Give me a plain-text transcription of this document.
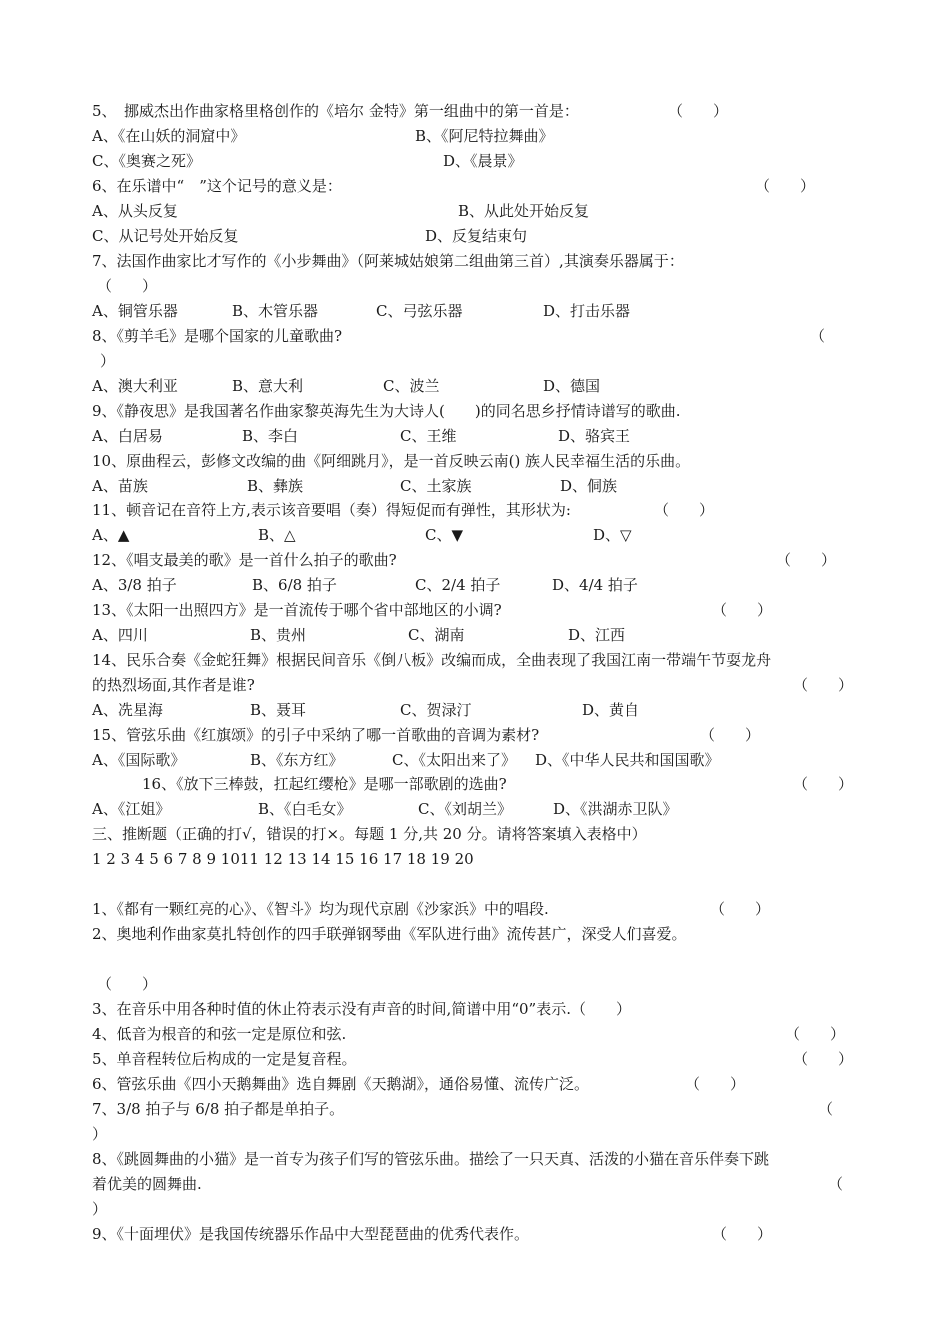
5、　挪威杰出作曲家格里格创作的《培尔 金特》第一组曲中的第一首是：	（　　）
A、《在山妖的洞窟中》	B、《阿尼特拉舞曲》
C、《奥赛之死》	D、《晨景》
6、在乐谱中“　”这个记号的意义是：	（　　）
A、从头反复	B、从此处开始反复
C、从记号处开始反复	D、反复结束句
7、法国作曲家比才写作的《小步舞曲》（阿莱城姑娘第二组曲第三首）,其演奏乐器属于：
（　　）
A、铜管乐器	B、木管乐器	C、弓弦乐器	D、打击乐器
8、《剪羊毛》是哪个国家的儿童歌曲?	（
）
A、澳大利亚	B、意大利	C、波兰	D、德国
9、《静夜思》是我国著名作曲家黎英海先生为大诗人(　　)的同名思乡抒情诗谱写的歌曲.
A、白居易	B、李白	C、王维	D、骆宾王
10、原曲程云，彭修文改编的曲《阿细跳月》，是一首反映云南() 族人民幸福生活的乐曲。
A、苗族	B、彝族	C、土家族	D、侗族
11、顿音记在音符上方,表示该音要唱（奏）得短促而有弹性，其形状为:	（　　）
A、▲	B、△	C、▼	D、▽
12、《唱支最美的歌》是一首什么拍子的歌曲?	（　　）
A、3/8 拍子	B、6/8 拍子	C、2/4 拍子	D、4/4 拍子
13、《太阳一出照四方》是一首流传于哪个省中部地区的小调?	（　　）
A、四川	B、贵州	C、湖南	D、江西
14、民乐合奏《金蛇狂舞》根据民间音乐《倒八板》改编而成，全曲表现了我国江南一带端午节耍龙舟
的热烈场面,其作者是谁?	（　　）
A、冼星海	B、聂耳	C、贺渌汀	D、黄自
15、管弦乐曲《红旗颂》的引子中采纳了哪一首歌曲的音调为素材?	（　　）
A、《国际歌》	B、《东方红》	C、《太阳出来了》 D、《中华人民共和国国歌》
16、《放下三棒鼓，扛起红缨枪》是哪一部歌剧的选曲?	（　　）
A、《江姐》	B、《白毛女》	C、《刘胡兰》	D、《洪湖赤卫队》
三、推断题（正确的打√，错误的打×。每题 1 分,共 20 分。请将答案填入表格中）
1 2 3 4 5 6 7 8 9 1011 12 13 14 15 16 17 18 19 20
1、《都有一颗红亮的心》、《智斗》均为现代京剧《沙家浜》中的唱段.	（　　）
2、奥地利作曲家莫扎特创作的四手联弹钢琴曲《军队进行曲》流传甚广，深受人们喜爱。
（　　）
3、在音乐中用各种时值的休止符表示没有声音的时间,简谱中用“0”表示.（　　）
4、低音为根音的和弦一定是原位和弦.	（　　）
5、单音程转位后构成的一定是复音程。	（　　）
6、管弦乐曲《四小天鹅舞曲》选自舞剧《天鹅湖》，通俗易懂、流传广泛。	（　　）
7、3/8 拍子与 6/8 拍子都是单拍子。	（
）
8、《跳圆舞曲的小猫》是一首专为孩子们写的管弦乐曲。描绘了一只天真、活泼的小猫在音乐伴奏下跳
着优美的圆舞曲.	（
）
9、《十面埋伏》是我国传统器乐作品中大型琵琶曲的优秀代表作。	（　　）
